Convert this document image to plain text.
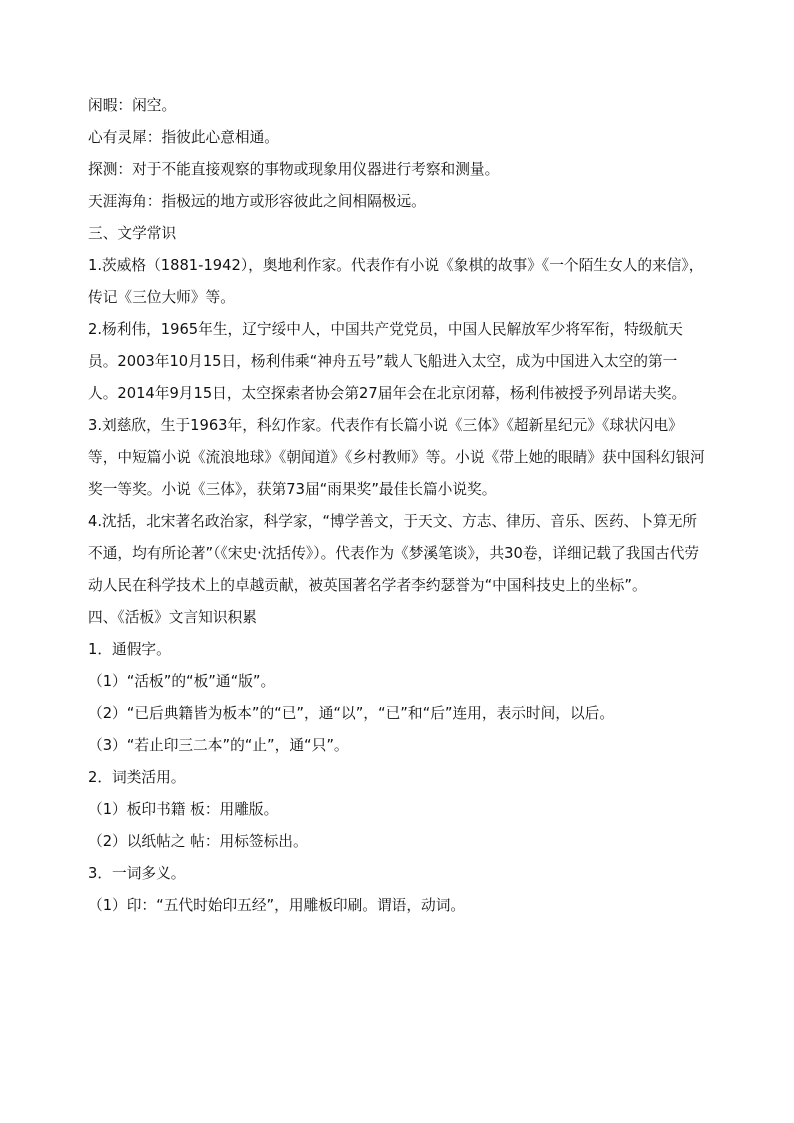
闲暇：闲空。

心有灵犀：指彼此心意相通。

探测：对于不能直接观察的事物或现象用仪器进行考察和测量。

天涯海角：指极远的地方或形容彼此之间相隔极远。

三、文学常识

1.茨威格（1881-1942），奥地利作家。代表作有小说《象棋的故事》《一个陌生女人的来信》，传记《三位大师》等。

2.杨利伟，1965年生，辽宁绥中人，中国共产党党员，中国人民解放军少将军衔，特级航天员。2003年10月15日，杨利伟乘“神舟五号”载人飞船进入太空，成为中国进入太空的第一人。2014年9月15日，太空探索者协会第27届年会在北京闭幕，杨利伟被授予列昂诺夫奖。

3.刘慈欣，生于1963年，科幻作家。代表作有长篇小说《三体》《超新星纪元》《球状闪电》等，中短篇小说《流浪地球》《朝闻道》《乡村教师》等。小说《带上她的眼睛》获中国科幻银河奖一等奖。小说《三体》，获第73届“雨果奖”最佳长篇小说奖。

4.沈括，北宋著名政治家，科学家，“博学善文，于天文、方志、律历、音乐、医药、卜算无所不通，均有所论著”（《宋史·沈括传》）。代表作为《梦溪笔谈》，共30卷，详细记载了我国古代劳动人民在科学技术上的卓越贡献，被英国著名学者李约瑟誉为“中国科技史上的坐标”。

四、《活板》文言知识积累

1．通假字。

（1）“活板”的“板”通“版”。

（2）“已后典籍皆为板本”的“已”，通“以”，“已”和“后”连用，表示时间，以后。

（3）“若止印三二本”的“止”，通“只”。

2．词类活用。

（1）板印书籍 板：用雕版。

（2）以纸帖之 帖：用标签标出。

3．一词多义。

（1）印：“五代时始印五经”，用雕板印刷。谓语，动词。
